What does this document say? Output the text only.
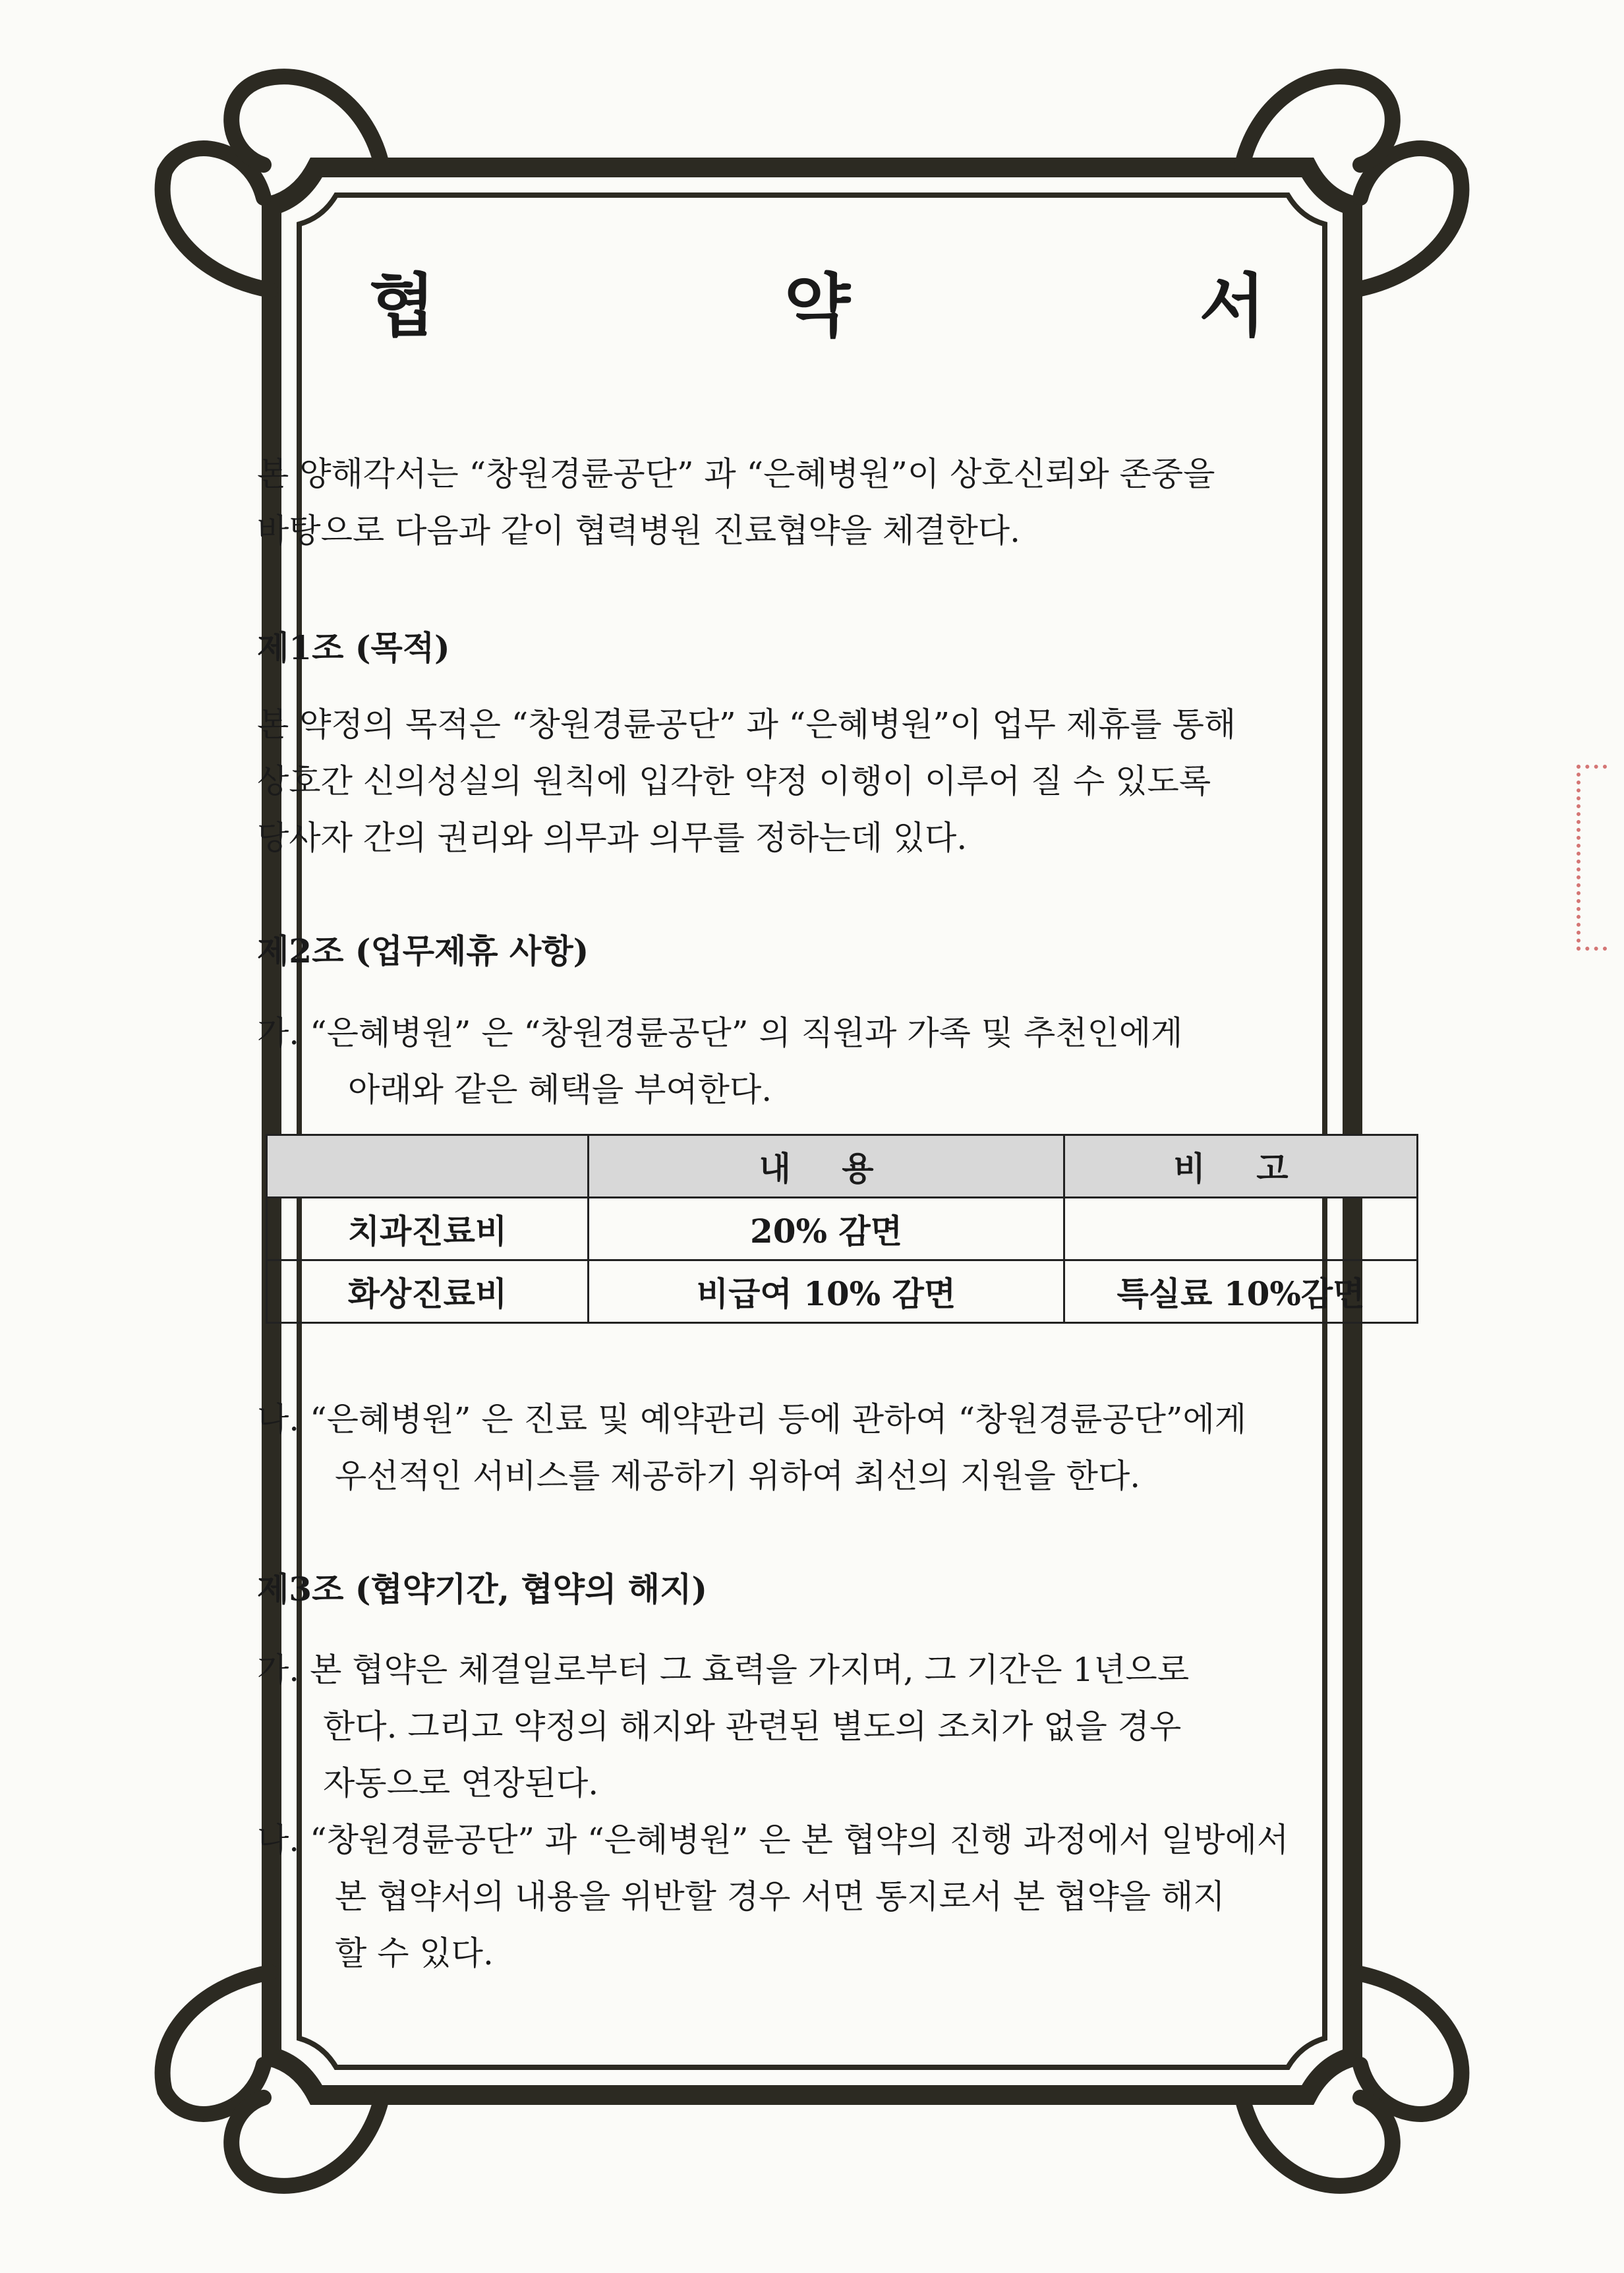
협	약	서
본 양해각서는 “창원경륜공단” 과 “은혜병원”이 상호신뢰와 존중을
바탕으로 다음과 같이 협력병원 진료협약을 체결한다.
제1조 (목적)
본 약정의 목적은 “창원경륜공단” 과 “은혜병원”이 업무 제휴를 통해
상호간 신의성실의 원칙에 입각한 약정 이행이 이루어 질 수 있도록
당사자 간의 권리와 의무과 의무를 정하는데 있다.
제2조 (업무제휴 사항)
가. “은혜병원” 은 “창원경륜공단” 의 직원과 가족 및 추천인에게
아래와 같은 혜택을 부여한다.
	내 용	비 고
치과진료비	20% 감면	
화상진료비	비급여 10% 감면	특실료 10%감면
나. “은혜병원” 은 진료 및 예약관리 등에 관하여 “창원경륜공단”에게
우선적인 서비스를 제공하기 위하여 최선의 지원을 한다.
제3조 (협약기간, 협약의 해지)
가. 본 협약은 체결일로부터 그 효력을 가지며, 그 기간은 1년으로
한다. 그리고 약정의 해지와 관련된 별도의 조치가 없을 경우
자동으로 연장된다.
나. “창원경륜공단” 과 “은혜병원” 은 본 협약의 진행 과정에서 일방에서
본 협약서의 내용을 위반할 경우 서면 통지로서 본 협약을 해지
할 수 있다.
